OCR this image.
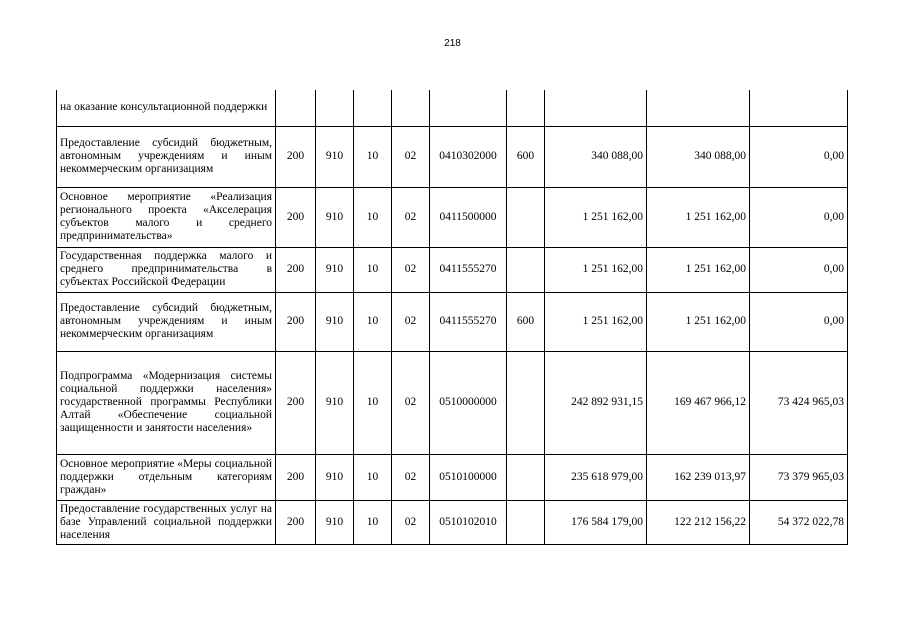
218
на оказание консультационной поддержки									
Предоставление субсидий бюджетным, автономным учреждениям и иным некоммерческим организациям	200	910	10	02	0410302000	600	340 088,00	340 088,00	0,00
Основное мероприятие «Реализация регионального проекта «Акселерация субъектов малого и среднего предпринимательства»	200	910	10	02	0411500000		1 251 162,00	1 251 162,00	0,00
Государственная поддержка малого и среднего предпринимательства в субъектах Российской Федерации	200	910	10	02	0411555270		1 251 162,00	1 251 162,00	0,00
Предоставление субсидий бюджетным, автономным учреждениям и иным некоммерческим организациям	200	910	10	02	0411555270	600	1 251 162,00	1 251 162,00	0,00
Подпрограмма «Модернизация системы социальной поддержки населения» государственной программы Республики Алтай «Обеспечение социальной защищенности и занятости населения»	200	910	10	02	0510000000		242 892 931,15	169 467 966,12	73 424 965,03
Основное мероприятие «Меры социальной поддержки отдельным категориям граждан»	200	910	10	02	0510100000		235 618 979,00	162 239 013,97	73 379 965,03
Предоставление государственных услуг на базе Управлений социальной поддержки населения	200	910	10	02	0510102010		176 584 179,00	122 212 156,22	54 372 022,78
